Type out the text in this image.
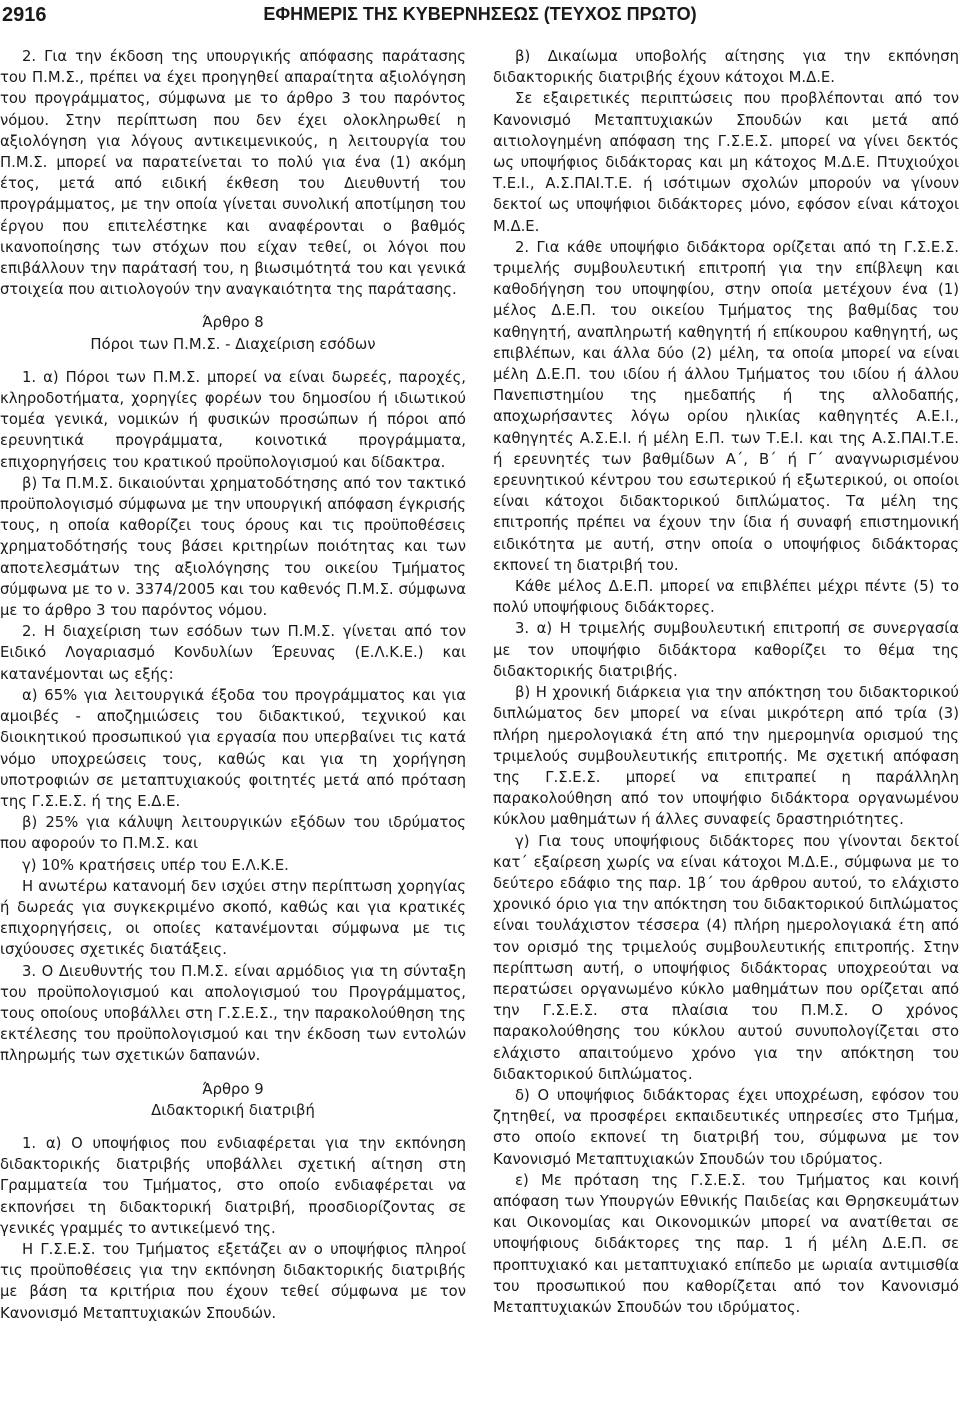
2916	ΕΦΗΜΕΡΙΣ ΤΗΣ ΚΥΒΕΡΝΗΣΕΩΣ (ΤΕΥΧΟΣ ΠΡΩΤΟ)

2. Για την έκδοση της υπουργικής απόφασης παράτασης του Π.Μ.Σ., πρέπει να έχει προηγηθεί απαραίτητα αξιολόγηση του προγράμματος, σύμφωνα με το άρθρο 3 του παρόντος νόμου. Στην περίπτωση που δεν έχει ολοκληρωθεί η αξιολόγηση για λόγους αντικειμενικούς, η λειτουργία του Π.Μ.Σ. μπορεί να παρατείνεται το πολύ για ένα (1) ακόμη έτος, μετά από ειδική έκθεση του Διευθυντή του προγράμματος, με την οποία γίνεται συνολική αποτίμηση του έργου που επιτελέστηκε και αναφέρονται ο βαθμός ικανοποίησης των στόχων που είχαν τεθεί, οι λόγοι που επιβάλλουν την παράτασή του, η βιωσιμότητά του και γενικά στοιχεία που αιτιολογούν την αναγκαιότητα της παράτασης.

Άρθρο 8

Πόροι των Π.Μ.Σ. - Διαχείριση εσόδων

1. α) Πόροι των Π.Μ.Σ. μπορεί να είναι δωρεές, παροχές, κληροδοτήματα, χορηγίες φορέων του δημοσίου ή ιδιωτικού τομέα γενικά, νομικών ή φυσικών προσώπων ή πόροι από ερευνητικά προγράμματα, κοινοτικά προγράμματα, επιχορηγήσεις του κρατικού προϋπολογισμού και δίδακτρα.

β) Τα Π.Μ.Σ. δικαιούνται χρηματοδότησης από τον τακτικό προϋπολογισμό σύμφωνα με την υπουργική απόφαση έγκρισής τους, η οποία καθορίζει τους όρους και τις προϋποθέσεις χρηματοδότησής τους βάσει κριτηρίων ποιότητας και των αποτελεσμάτων της αξιολόγησης του οικείου Τμήματος σύμφωνα με το ν. 3374/2005 και του καθενός Π.Μ.Σ. σύμφωνα με το άρθρο 3 του παρόντος νόμου.

2. Η διαχείριση των εσόδων των Π.Μ.Σ. γίνεται από τον Ειδικό Λογαριασμό Κονδυλίων Έρευνας (Ε.Λ.Κ.Ε.) και κατανέμονται ως εξής:

α) 65% για λειτουργικά έξοδα του προγράμματος και για αμοιβές - αποζημιώσεις του διδακτικού, τεχνικού και διοικητικού προσωπικού για εργασία που υπερβαίνει τις κατά νόμο υποχρεώσεις τους, καθώς και για τη χορήγηση υποτροφιών σε μεταπτυχιακούς φοιτητές μετά από πρόταση της Γ.Σ.Ε.Σ. ή της Ε.Δ.Ε.

β) 25% για κάλυψη λειτουργικών εξόδων του ιδρύματος που αφορούν το Π.Μ.Σ. και

γ) 10% κρατήσεις υπέρ του Ε.Λ.Κ.Ε.

Η ανωτέρω κατανομή δεν ισχύει στην περίπτωση χορηγίας ή δωρεάς για συγκεκριμένο σκοπό, καθώς και για κρατικές επιχορηγήσεις, οι οποίες κατανέμονται σύμφωνα με τις ισχύουσες σχετικές διατάξεις.

3. Ο Διευθυντής του Π.Μ.Σ. είναι αρμόδιος για τη σύνταξη του προϋπολογισμού και απολογισμού του Προγράμματος, τους οποίους υποβάλλει στη Γ.Σ.Ε.Σ., την παρακολούθηση της εκτέλεσης του προϋπολογισμού και την έκδοση των εντολών πληρωμής των σχετικών δαπανών.

Άρθρο 9

Διδακτορική διατριβή

1. α) Ο υποψήφιος που ενδιαφέρεται για την εκπόνηση διδακτορικής διατριβής υποβάλλει σχετική αίτηση στη Γραμματεία του Τμήματος, στο οποίο ενδιαφέρεται να εκπονήσει τη διδακτορική διατριβή, προσδιορίζοντας σε γενικές γραμμές το αντικείμενό της.

Η Γ.Σ.Ε.Σ. του Τμήματος εξετάζει αν ο υποψήφιος πληροί τις προϋποθέσεις για την εκπόνηση διδακτορικής διατριβής με βάση τα κριτήρια που έχουν τεθεί σύμφωνα με τον Κανονισμό Μεταπτυχιακών Σπουδών.

β) Δικαίωμα υποβολής αίτησης για την εκπόνηση διδακτορικής διατριβής έχουν κάτοχοι Μ.Δ.Ε.

Σε εξαιρετικές περιπτώσεις που προβλέπονται από τον Κανονισμό Μεταπτυχιακών Σπουδών και μετά από αιτιολογημένη απόφαση της Γ.Σ.Ε.Σ. μπορεί να γίνει δεκτός ως υποψήφιος διδάκτορας και μη κάτοχος Μ.Δ.Ε. Πτυχιούχοι Τ.Ε.Ι., Α.Σ.ΠΑΙ.Τ.Ε. ή ισότιμων σχολών μπορούν να γίνουν δεκτοί ως υποψήφιοι διδάκτορες μόνο, εφόσον είναι κάτοχοι Μ.Δ.Ε.

2. Για κάθε υποψήφιο διδάκτορα ορίζεται από τη Γ.Σ.Ε.Σ. τριμελής συμβουλευτική επιτροπή για την επίβλεψη και καθοδήγηση του υποψηφίου, στην οποία μετέχουν ένα (1) μέλος Δ.Ε.Π. του οικείου Τμήματος της βαθμίδας του καθηγητή, αναπληρωτή καθηγητή ή επίκουρου καθηγητή, ως επιβλέπων, και άλλα δύο (2) μέλη, τα οποία μπορεί να είναι μέλη Δ.Ε.Π. του ιδίου ή άλλου Τμήματος του ιδίου ή άλλου Πανεπιστημίου της ημεδαπής ή της αλλοδαπής, αποχωρήσαντες λόγω ορίου ηλικίας καθηγητές Α.Ε.Ι., καθηγητές Α.Σ.Ε.Ι. ή μέλη Ε.Π. των Τ.Ε.Ι. και της Α.Σ.ΠΑΙ.Τ.Ε. ή ερευνητές των βαθμίδων Α΄, Β΄ ή Γ΄ αναγνωρισμένου ερευνητικού κέντρου του εσωτερικού ή εξωτερικού, οι οποίοι είναι κάτοχοι διδακτορικού διπλώματος. Τα μέλη της επιτροπής πρέπει να έχουν την ίδια ή συναφή επιστημονική ειδικότητα με αυτή, στην οποία ο υποψήφιος διδάκτορας εκπονεί τη διατριβή του.

Κάθε μέλος Δ.Ε.Π. μπορεί να επιβλέπει μέχρι πέντε (5) το πολύ υποψήφιους διδάκτορες.

3. α) Η τριμελής συμβουλευτική επιτροπή σε συνεργασία με τον υποψήφιο διδάκτορα καθορίζει το θέμα της διδακτορικής διατριβής.

β) Η χρονική διάρκεια για την απόκτηση του διδακτορικού διπλώματος δεν μπορεί να είναι μικρότερη από τρία (3) πλήρη ημερολογιακά έτη από την ημερομηνία ορισμού της τριμελούς συμβουλευτικής επιτροπής. Με σχετική απόφαση της Γ.Σ.Ε.Σ. μπορεί να επιτραπεί η παράλληλη παρακολούθηση από τον υποψήφιο διδάκτορα οργανωμένου κύκλου μαθημάτων ή άλλες συναφείς δραστηριότητες.

γ) Για τους υποψήφιους διδάκτορες που γίνονται δεκτοί κατ΄ εξαίρεση χωρίς να είναι κάτοχοι Μ.Δ.Ε., σύμφωνα με το δεύτερο εδάφιο της παρ. 1β΄ του άρθρου αυτού, το ελάχιστο χρονικό όριο για την απόκτηση του διδακτορικού διπλώματος είναι τουλάχιστον τέσσερα (4) πλήρη ημερολογιακά έτη από τον ορισμό της τριμελούς συμβουλευτικής επιτροπής. Στην περίπτωση αυτή, ο υποψήφιος διδάκτορας υποχρεούται να περατώσει οργανωμένο κύκλο μαθημάτων που ορίζεται από την Γ.Σ.Ε.Σ. στα πλαίσια του Π.Μ.Σ. Ο χρόνος παρακολούθησης του κύκλου αυτού συνυπολογίζεται στο ελάχιστο απαιτούμενο χρόνο για την απόκτηση του διδακτορικού διπλώματος.

δ) Ο υποψήφιος διδάκτορας έχει υποχρέωση, εφόσον του ζητηθεί, να προσφέρει εκπαιδευτικές υπηρεσίες στο Τμήμα, στο οποίο εκπονεί τη διατριβή του, σύμφωνα με τον Κανονισμό Μεταπτυχιακών Σπουδών του ιδρύματος.

ε) Με πρόταση της Γ.Σ.Ε.Σ. του Τμήματος και κοινή απόφαση των Υπουργών Εθνικής Παιδείας και Θρησκευμάτων και Οικονομίας και Οικονομικών μπορεί να ανατίθεται σε υποψήφιους διδάκτορες της παρ. 1 ή μέλη Δ.Ε.Π. σε προπτυχιακό και μεταπτυχιακό επίπεδο με ωριαία αντιμισθία του προσωπικού που καθορίζεται από τον Κανονισμό Μεταπτυχιακών Σπουδών του ιδρύματος.
